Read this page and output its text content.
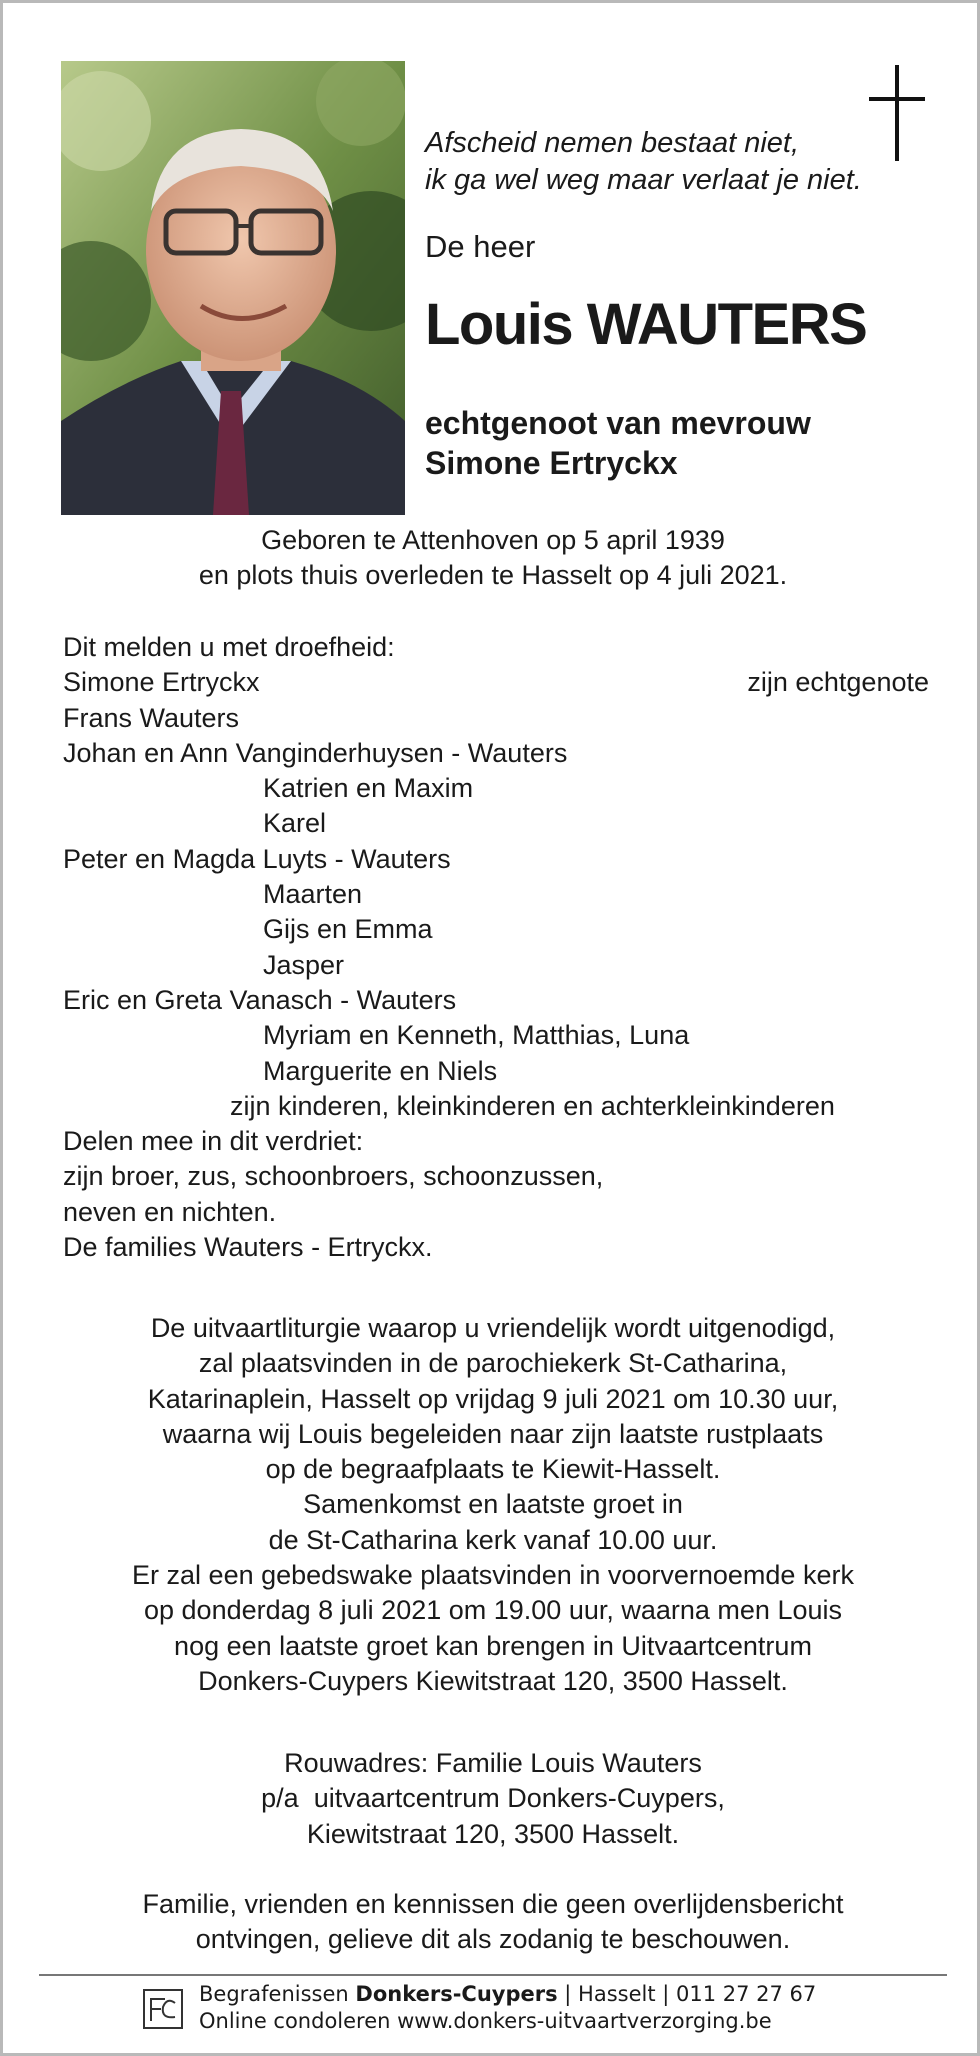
Afscheid nemen bestaat niet,
ik ga wel weg maar verlaat je niet.
De heer
Louis WAUTERS
echtgenoot van mevrouw
Simone Ertryckx
Geboren te Attenhoven op 5 april 1939
en plots thuis overleden te Hasselt op 4 juli 2021.
Dit melden u met droefheid:
Simone Ertryckx	zijn echtgenote
Frans Wauters
Johan en Ann Vanginderhuysen - Wauters
Katrien en Maxim
Karel
Peter en Magda Luyts - Wauters
Maarten
Gijs en Emma
Jasper
Eric en Greta Vanasch - Wauters
Myriam en Kenneth, Matthias, Luna
Marguerite en Niels
zijn kinderen, kleinkinderen en achterkleinkinderen
Delen mee in dit verdriet:
zijn broer, zus, schoonbroers, schoonzussen,
neven en nichten.
De families Wauters - Ertryckx.
De uitvaartliturgie waarop u vriendelijk wordt uitgenodigd,
zal plaatsvinden in de parochiekerk St-Catharina,
Katarinaplein, Hasselt op vrijdag 9 juli 2021 om 10.30 uur,
waarna wij Louis begeleiden naar zijn laatste rustplaats
op de begraafplaats te Kiewit-Hasselt.
Samenkomst en laatste groet in
de St-Catharina kerk vanaf 10.00 uur.
Er zal een gebedswake plaatsvinden in voorvernoemde kerk
op donderdag 8 juli 2021 om 19.00 uur, waarna men Louis
nog een laatste groet kan brengen in Uitvaartcentrum
Donkers-Cuypers Kiewitstraat 120, 3500 Hasselt.
Rouwadres: Familie Louis Wauters
p/a  uitvaartcentrum Donkers-Cuypers,
Kiewitstraat 120, 3500 Hasselt.
Familie, vrienden en kennissen die geen overlijdensbericht
ontvingen, gelieve dit als zodanig te beschouwen.
Begrafenissen Donkers-Cuypers | Hasselt | 011 27 27 67
Online condoleren www.donkers-uitvaartverzorging.be
